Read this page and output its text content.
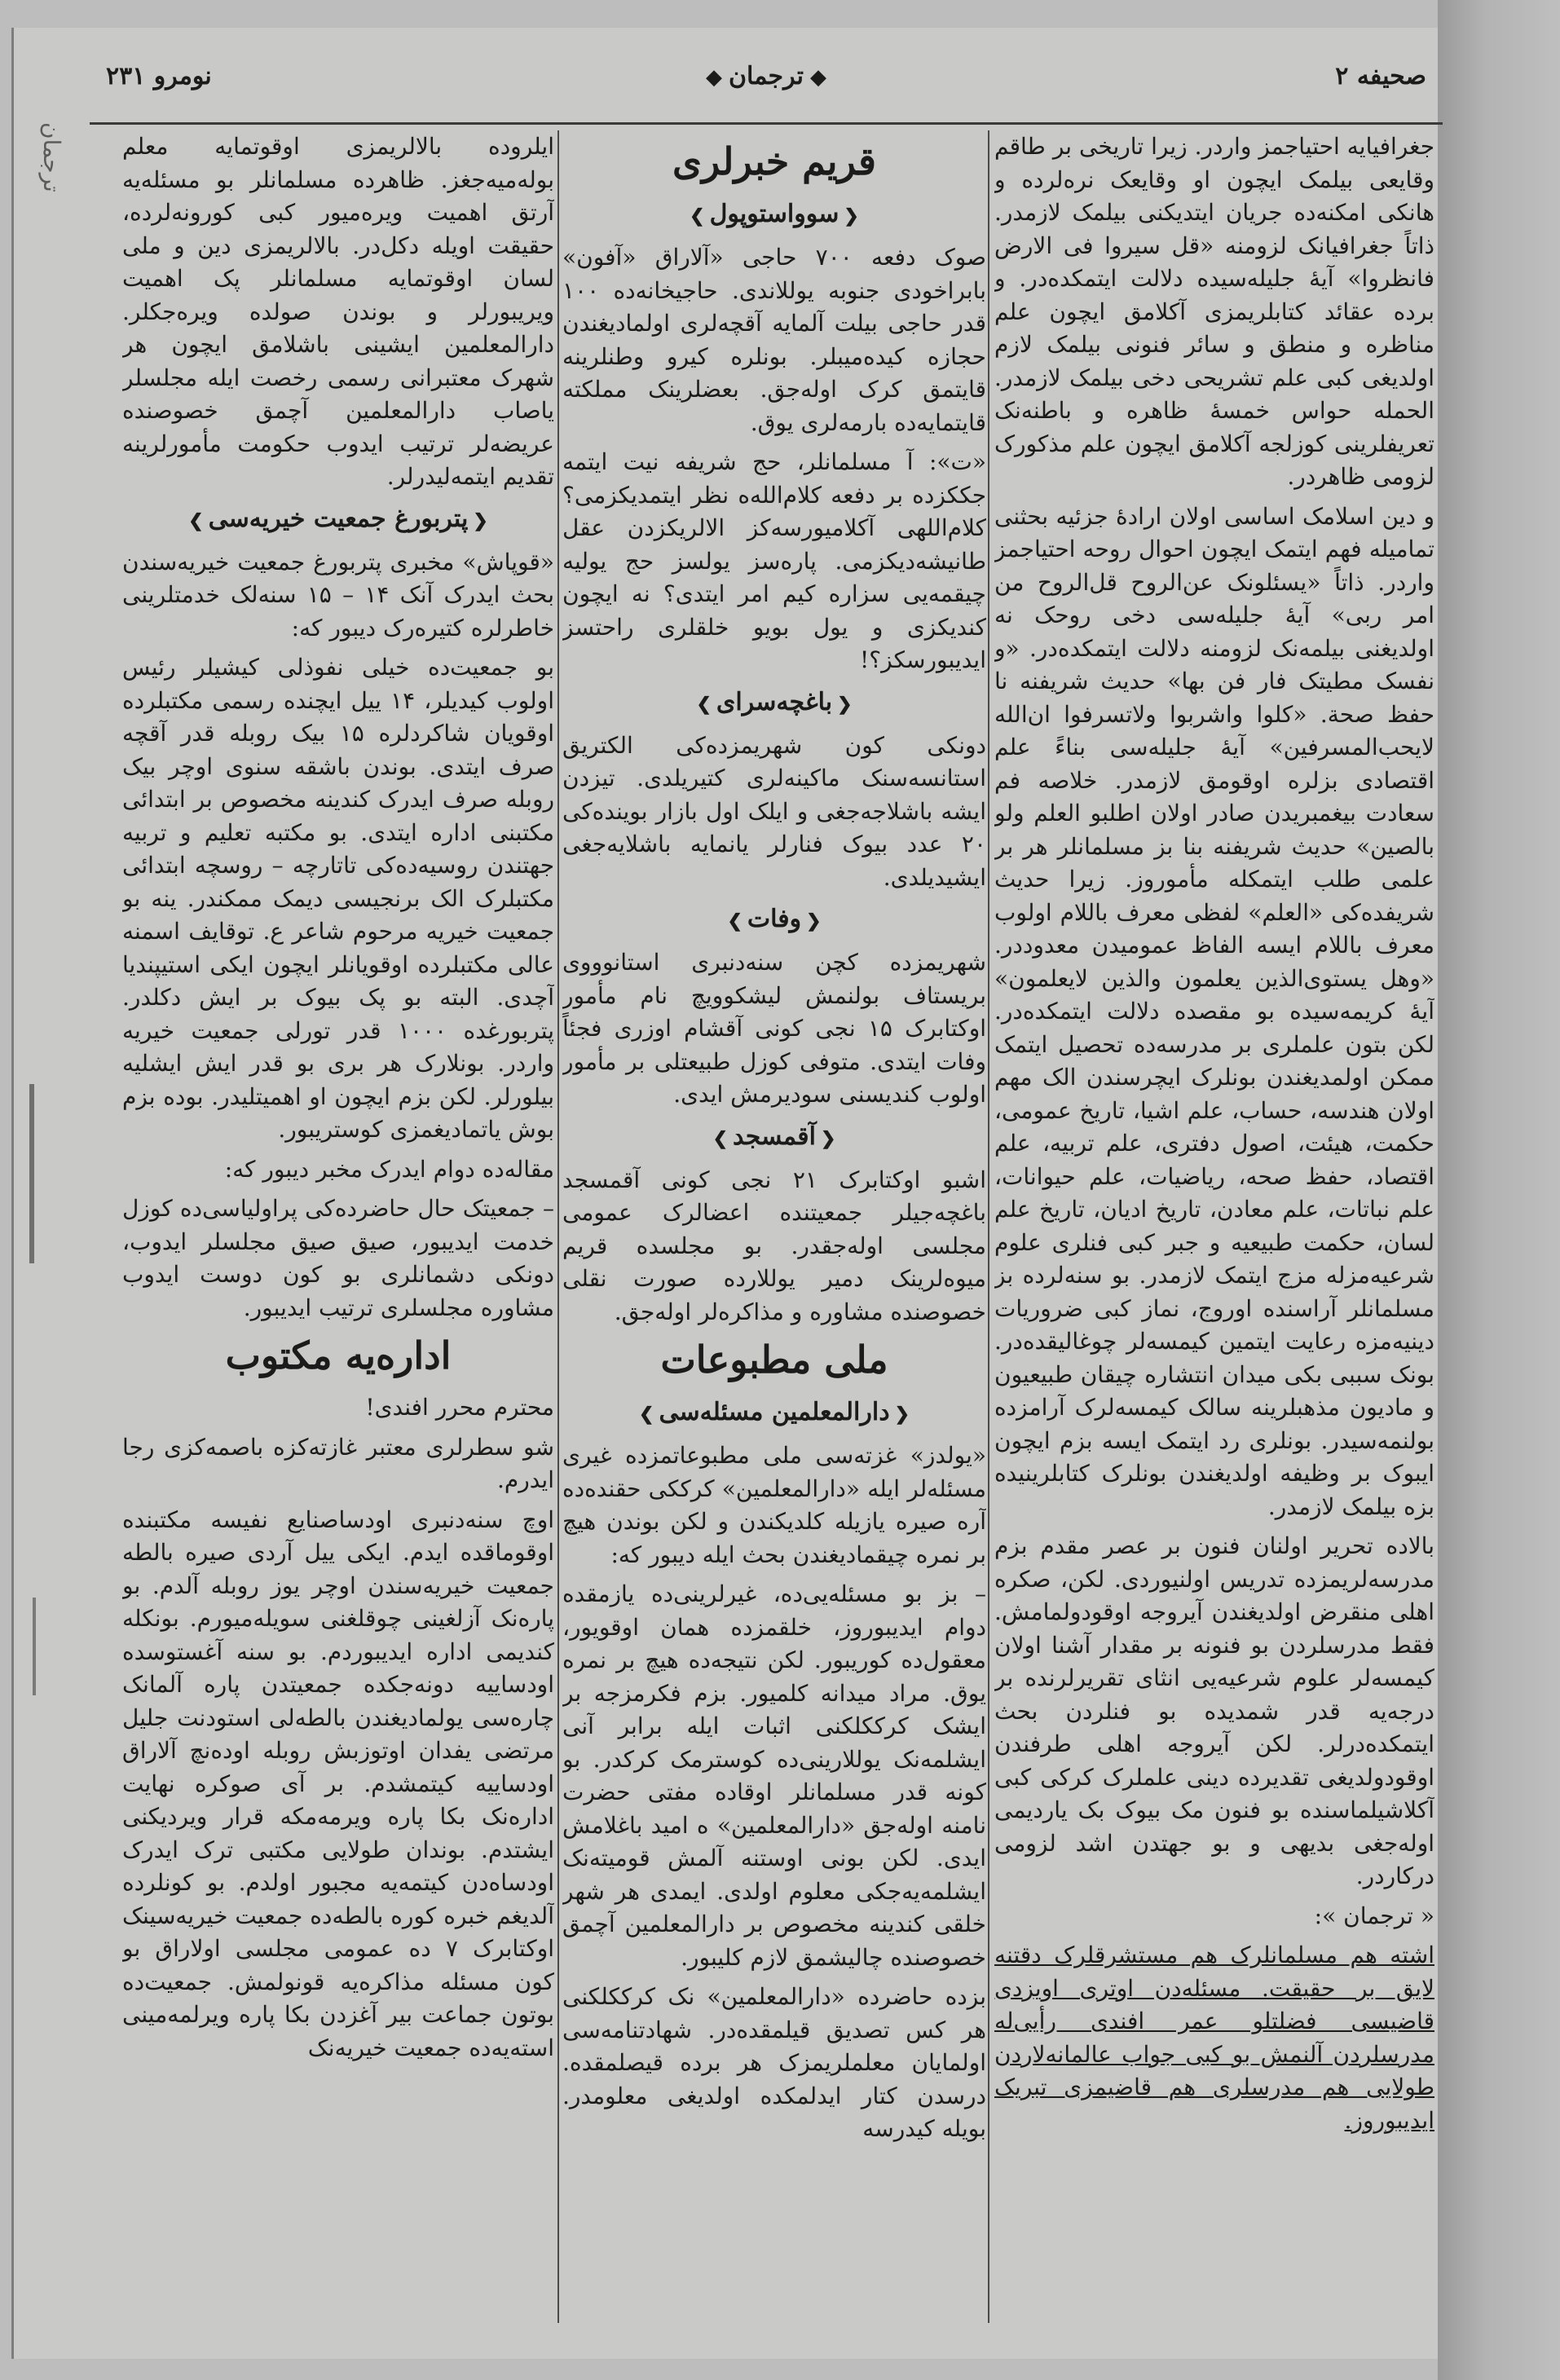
ترجمان
صحیفه ۲
◆ترجمان◆
نومرو ۲۳۱

جغرافیایه احتیاجمز واردر. زیرا تاریخی بر طاقم وقایعی بیلمک ایچون او وقایعک نره‌لرده و هانکی امکنه‌ده جریان ایتدیکنی بیلمک لازمدر. ذاتاً جغرافیانک لزومنه «قل سیروا فی الارض فانظروا» آیهٔ جلیله‌سیده دلالت ایتمکده‌در. و برده عقائد کتابلریمزی آکلامق ایچون علم مناظره و منطق و سائر فنونی بیلمک لازم اولدیغی کبی علم تشریحی دخی بیلمک لازمدر. الحمله حواس خمسهٔ ظاهره و باطنه‌نک تعریفلرینی کوزلجه آکلامق ایچون علم مذکورک لزومی ظاهردر.

و دین اسلامک اساسی اولان ارادهٔ جزئیه بحثنی تمامیله فهم ایتمک ایچون احوال روحه احتیاجمز واردر. ذاتاً «یسئلونک عن‌الروح قل‌الروح من امر ربی» آیهٔ جلیله‌سی دخی روحک نه اولدیغنی بیلمه‌نک لزومنه دلالت ایتمکده‌در. «و نفسک مطیتک فار فن بها» حدیث شریفنه نا حفظ صحة. «کلوا واشربوا ولاتسرفوا ان‌الله لایحب‌المسرفین» آیهٔ جلیله‌سی بناءً علم اقتصادی بزلره اوقومق لازمدر. خلاصه فم سعادت بیغمبریدن صادر اولان اطلبو العلم ولو بالصین» حدیث شریفنه بنا بز مسلمانلر هر بر علمی طلب ایتمکله مأموروز. زیرا حدیث شریفده‌کی «العلم» لفظی معرف باللام اولوب معرف باللام ایسه الفاظ عمومیدن معدوددر. «وهل یستوی‌الذین یعلمون والذین لایعلمون» آیهٔ کریمه‌سیده بو مقصده دلالت ایتمکده‌در. لکن بتون علملری بر مدرسه‌ده تحصیل ایتمک ممکن اولمدیغندن بونلرک ایچرسندن الک مهم اولان هندسه، حساب، علم اشیا، تاریخ عمومی، حکمت، هیئت، اصول دفتری، علم تربیه، علم اقتصاد، حفظ صحه، ریاضیات، علم حیوانات، علم نباتات، علم معادن، تاریخ ادیان، تاریخ علم لسان، حکمت طبیعیه و جبر کبی فنلری علوم شرعیه‌مزله مزج ایتمک لازمدر. بو سنه‌لرده بز مسلمانلر آراسنده اوروج، نماز کبی ضروریات دینیه‌مزه رعایت ایتمین کیمسه‌لر چوغالیقده‌در. بونک سببی بکی میدان انتشاره چیقان طبیعیون و مادیون مذهبلرینه سالک کیمسه‌لرک آرامزده بولنمه‌سیدر. بونلری رد ایتمک ایسه بزم ایچون ایبوک بر وظیفه اولدیغندن بونلرک کتابلرینیده بزه بیلمک لازمدر.

بالاده تحریر اولنان فنون بر عصر مقدم بزم مدرسه‌لریمزده تدریس اولنیوردی. لکن، صکره اهلی منقرض اولدیغندن آیروجه اوقودولمامش. فقط مدرسلردن بو فنونه بر مقدار آشنا اولان کیمسه‌لر علوم شرعیه‌یی انثای تقریرلرنده بر درجه‌یه قدر شمدیده بو فنلردن بحث ایتمکده‌درلر. لکن آیروجه اهلی طرفندن اوقودولدیغی تقدیرده دینی علملرک کرکی کبی آکلاشیلماسنده بو فنون مک بیوک بک یاردیمی اوله‌جغی بدیهی و بو جهتدن اشد لزومی درکاردر.

« ترجمان »:

اشته هم مسلمانلرک هم مستشرقلرک دقتنه لایق بر حقیقت. مسئله‌دن اوتری اویزدی قاضیسی فضلتلو عمر افندی رأیی‌له مدرسلردن آلنمش بو کبی جواب عالمانه‌لاردن طولایی هم مدرسلری هم قاضیمزی تبریک ایدیبوروز.

قریم خبرلری
❮سوواستوپول❯

صوک دفعه ۷۰۰ حاجی «آلاراق «آفون» بابراخودی جنوبه یوللاندی. حاجیخانه‌ده ۱۰۰ قدر حاجی بیلت آلمایه آقچه‌لری اولمادیغندن حجازه کیده‌میبلر. بونلره کیرو وطنلرینه قایتمق کرک اوله‌جق. بعضلرینک مملکته قایتمایه‌ده بارمه‌لری یوق.

«ت»: آ مسلمانلر، حج شریفه نیت ایتمه جککزده بر دفعه کلام‌الله‌ه نظر ایتمدیکزمی؟ کلام‌اللهی آکلامیورسه‌کز الالریکزدن عقل طانیشه‌دیکزمی. پاره‌سز یولسز حج یولیه چیقمه‌یی سزاره کیم امر ایتدی؟ نه ایچون کندیکزی و یول بویو خلقلری راحتسز ایدیبورسکز؟!

❮باغچه‌سرای❯

دونکی کون شهریمزده‌کی الکتریق استانسه‌سنک ماکینه‌لری کتیریلدی. تیزدن ایشه باشلاجه‌جغی و ایلک اول بازار بوینده‌کی ۲۰ عدد بیوک فنارلر یانمایه باشلایه‌جغی ایشیدیلدی.

❮وفات❯

شهریمزده کچن سنه‌دنبری استانوووی بریستاف بولنمش لیشکوویچ نام مأمور اوکتابرک ۱۵ نجی کونی آقشام اوزری فجئاً وفات ایتدی. متوفی کوزل طبیعتلی بر مأمور اولوب کندیسنی سودیرمش ایدی.

❮آقمسجد❯

اشبو اوکتابرک ۲۱ نجی کونی آقمسجد باغچه‌جیلر جمعیتنده اعضالرک عمومی مجلسی اوله‌جقدر. بو مجلسده قریم میوه‌لرینک دمیر یوللارده صورت نقلی خصوصنده مشاوره و مذاکره‌لر اوله‌جق.

ملی مطبوعات
❮دارالمعلمین مسئله‌سی❯

«یولدز» غزته‌سی ملی مطبوعاتمزده غیری مسئله‌لر ایله «دارالمعلمین» کرککی حقنده‌ده آره صیره یازیله کلدیکندن و لکن بوندن هیچ بر نمره چیقمادیغندن بحث ایله دیبور که:

– بز بو مسئله‌یی‌ده، غیرلرینی‌ده یازمقده دوام ایدیبوروز، خلقمزده همان اوقویور، معقول‌ده کوریبور. لکن نتیجه‌ده هیچ بر نمره یوق. مراد میدانه کلمیور. بزم فکرمزجه بر ایشک کرککلکنی اثبات ایله برابر آنی ایشلمه‌نک یوللارینی‌ده کوسترمک کرکدر. بو کونه قدر مسلمانلر اوقاده مفتی حضرت نامنه اوله‌جق «دارالمعلمین» ه امید باغلامش ایدی. لکن بونی اوستنه آلمش قومیته‌نک ایشلمه‌یه‌جکی معلوم اولدی. ایمدی هر شهر خلقی کندینه مخصوص بر دارالمعلمین آچمق خصوصنده چالیشمق لازم کلیبور.

بزده حاضرده «دارالمعلمین» نک کرککلکنی هر کس تصدیق قیلمقده‌در. شهادتنامه‌سی اولمایان معلملریمزک هر برده قیصلمقده. درسدن کتار ایدلمکده اولدیغی معلومدر. بویله کیدرسه

ایلروده بالالریمزی اوقوتمایه معلم بوله‌میه‌جغز. ظاهرده مسلمانلر بو مسئله‌یه آرتق اهمیت ویره‌میور کبی کورونه‌لرده، حقیقت اویله دکل‌در. بالالریمزی دین و ملی لسان اوقوتمایه مسلمانلر پک اهمیت ویریبورلر و بوندن صولده ویره‌جکلر. دارالمعلمین ایشینی باشلامق ایچون هر شهرک معتبرانی رسمی رخصت ایله مجلسلر یاصاب دارالمعلمین آچمق خصوصنده عریضه‌لر ترتیب ایدوب حکومت مأمورلرینه تقدیم ایتمه‌لیدرلر.

❮پتربورغ جمعیت خیریه‌سی❯

«قوپاش» مخبری پتربورغ جمعیت خیریه‌سندن بحث ایدرک آنک ۱۴ – ۱۵ سنه‌لک خدمتلرینی خاطرلره کتیره‌رک دیبور که:

بو جمعیت‌ده خیلی نفوذلی کیشیلر رئیس اولوب کیدیلر، ۱۴ ییل ایچنده رسمی مکتبلرده اوقویان شاکردلره ۱۵ بیک روبله قدر آقچه صرف ایتدی. بوندن باشقه سنوی اوچر بیک روبله صرف ایدرک کندینه مخصوص بر ابتدائی مکتبنی اداره ایتدی. بو مکتبه تعلیم و تربیه جهتندن روسیه‌ده‌کی تاتارچه – روسچه ابتدائی مکتبلرک الک برنجیسی دیمک ممکندر. ینه بو جمعیت خیریه مرحوم شاعر ع. توقایف اسمنه عالی مکتبلرده اوقویانلر ایچون ایکی استیپندیا آچدی. البته بو پک بیوک بر ایش دکلدر. پتربورغده ۱۰۰۰ قدر تورلی جمعیت خیریه واردر. بونلارک هر بری بو قدر ایش ایشلیه بیلورلر. لکن بزم ایچون او اهمیتلیدر. بوده بزم بوش یاتمادیغمزی کوستریبور.

مقاله‌ده دوام ایدرک مخبر دیبور که:

– جمعیتک حال حاضرده‌کی پراولیاسی‌ده کوزل خدمت ایدیبور، صیق صیق مجلسلر ایدوب، دونکی دشمانلری بو کون دوست ایدوب مشاوره مجلسلری ترتیب ایدیبور.

اداره‌یه مکتوب

محترم محرر افندی!

شو سطرلری معتبر غازته‌کزه باصمه‌کزی رجا ایدرم.

اوچ سنه‌دنبری اودساصنایع نفیسه مکتبنده اوقوماقده ایدم. ایکی ییل آردی صیره بالطه جمعیت خیریه‌سندن اوچر یوز روبله آلدم. بو پاره‌نک آزلغینی چوقلغنی سویله‌میورم. بونکله کندیمی اداره ایدیبوردم. بو سنه آغستوسده اودساییه دونه‌جکده جمعیتدن پاره آلمانک چاره‌سی یولمادیغندن بالطه‌لی استودنت جلیل مرتضی یفدان اوتوزبش روبله اوده‌نچ آلاراق اودساییه کیتمشدم. بر آی صوکره نهایت اداره‌نک بکا پاره ویرمه‌مکه قرار ویردیکنی ایشتدم. بوندان طولایی مکتبی ترک ایدرک اودساه‌دن کیتمه‌یه مجبور اولدم. بو کونلرده آلدیغم خبره کوره بالطه‌ده جمعیت خیریه‌سینک اوکتابرک ۷ ده عمومی مجلسی اولاراق بو کون مسئله مذاکره‌یه قونولمش. جمعیت‌ده بوتون جماعت بیر آغزدن بکا پاره ویرلمه‌مینی استه‌یه‌ده جمعیت خیریه‌نک
